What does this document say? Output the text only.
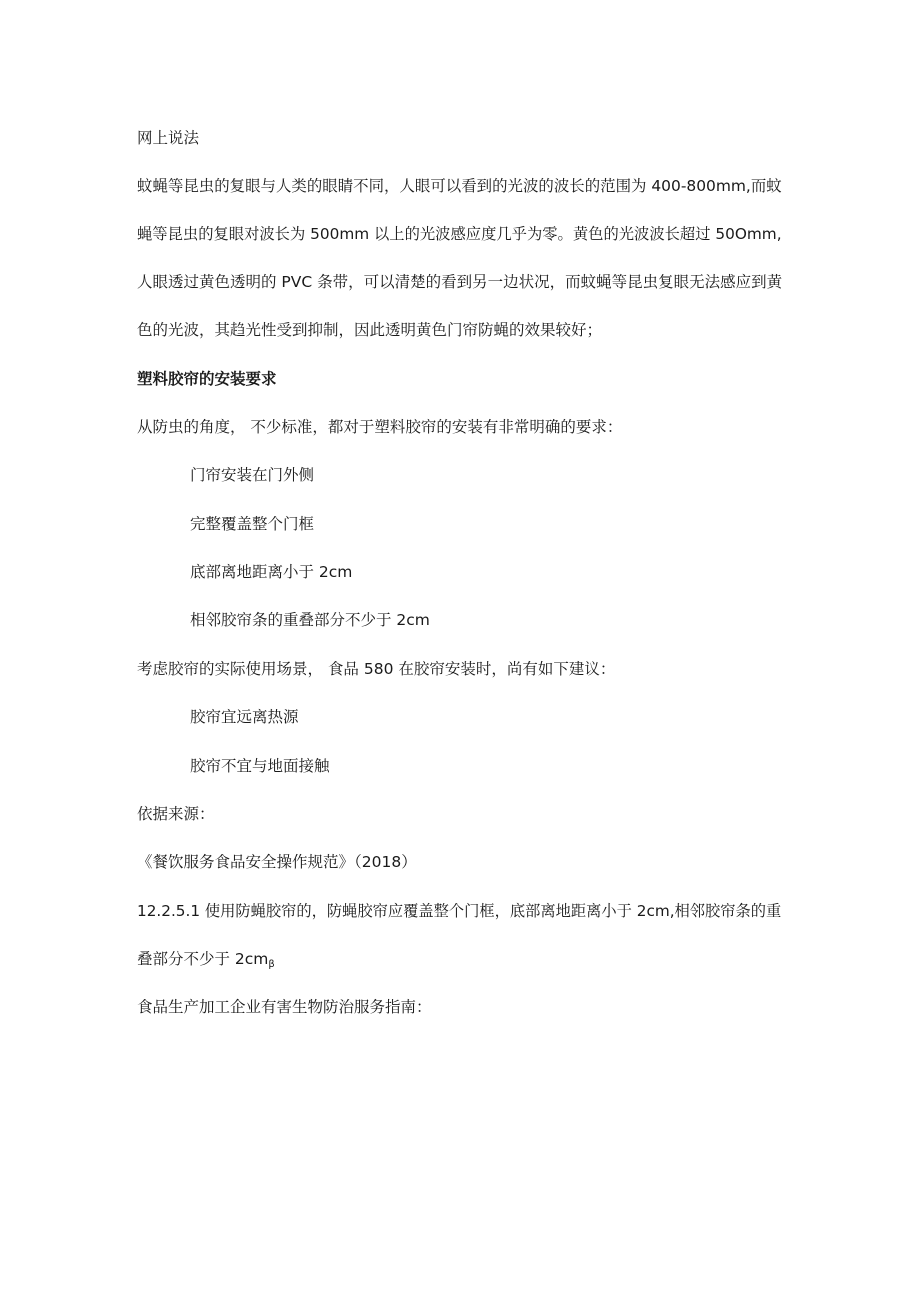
网上说法
蚊蝇等昆虫的复眼与人类的眼睛不同，人眼可以看到的光波的波长的范围为 400-800mm,而蚊
蝇等昆虫的复眼对波长为 500mm 以上的光波感应度几乎为零。黄色的光波波长超过 50Omm,
人眼透过黄色透明的 PVC 条带，可以清楚的看到另一边状况，而蚊蝇等昆虫复眼无法感应到黄
色的光波，其趋光性受到抑制，因此透明黄色门帘防蝇的效果较好；
塑料胶帘的安装要求
从防虫的角度， 不少标准，都对于塑料胶帘的安装有非常明确的要求：
门帘安装在门外侧
完整覆盖整个门框
底部离地距离小于 2cm
相邻胶帘条的重叠部分不少于 2cm
考虑胶帘的实际使用场景， 食品 580 在胶帘安装时，尚有如下建议：
胶帘宜远离热源
胶帘不宜与地面接触
依据来源：
《餐饮服务食品安全操作规范》（2018）
12.2.5.1 使用防蝇胶帘的，防蝇胶帘应覆盖整个门框，底部离地距离小于 2cm,相邻胶帘条的重
叠部分不少于 $2cm_\beta$
食品生产加工企业有害生物防治服务指南：
